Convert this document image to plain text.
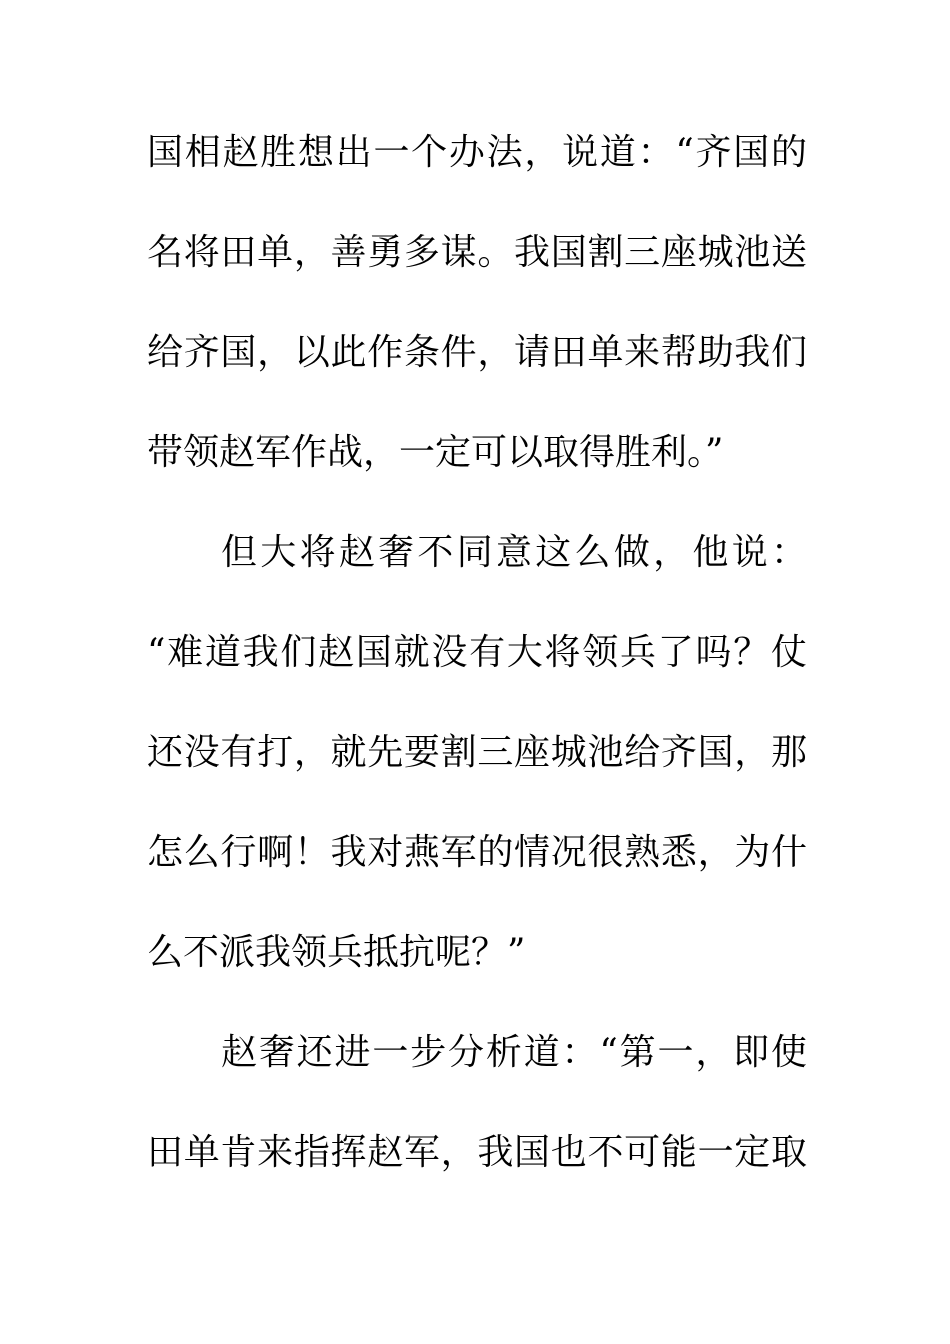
国相赵胜想出一个办法，说道：“齐国的
名将田单，善勇多谋。我国割三座城池送
给齐国，以此作条件，请田单来帮助我们
带领赵军作战，一定可以取得胜利。”
但大将赵奢不同意这么做，他说：
“难道我们赵国就没有大将领兵了吗？仗
还没有打，就先要割三座城池给齐国，那
怎么行啊！我对燕军的情况很熟悉，为什
么不派我领兵抵抗呢？”
赵奢还进一步分析道：“第一，即使
田单肯来指挥赵军，我国也不可能一定取
